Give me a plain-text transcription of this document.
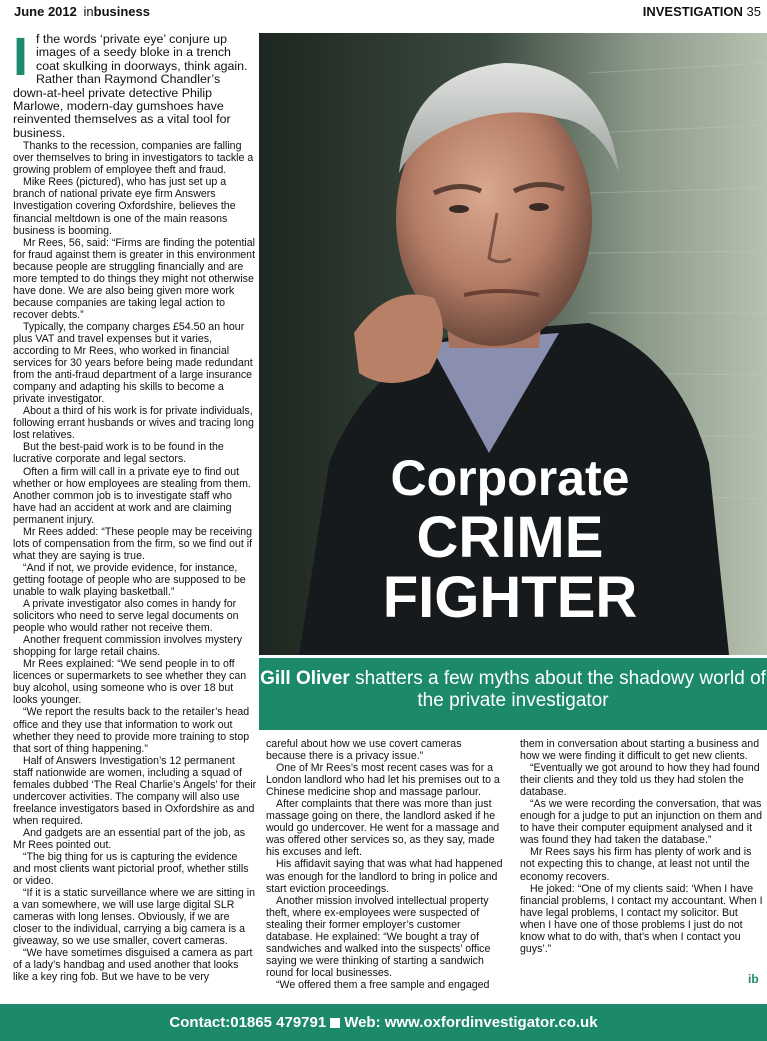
June 2012 inbusiness	INVESTIGATION 35
If the words ‘private eye’ conjure up images of a seedy bloke in a trench coat skulking in doorways, think again. Rather than Raymond Chandler’s down-at-heel private detective Philip Marlowe, modern-day gumshoes have reinvented themselves as a vital tool for business.

Thanks to the recession, companies are falling over themselves to bring in investigators to tackle a growing problem of employee theft and fraud.

Mike Rees (pictured), who has just set up a branch of national private eye firm Answers Investigation covering Oxfordshire, believes the financial meltdown is one of the main reasons business is booming.

Mr Rees, 56, said: “Firms are finding the potential for fraud against them is greater in this environment because people are struggling financially and are more tempted to do things they might not otherwise have done. We are also being given more work because companies are taking legal action to recover debts.”

Typically, the company charges £54.50 an hour plus VAT and travel expenses but it varies, according to Mr Rees, who worked in financial services for 30 years before being made redundant from the anti-fraud department of a large insurance company and adapting his skills to become a private investigator.

About a third of his work is for private individuals, following errant husbands or wives and tracing long lost relatives.

But the best-paid work is to be found in the lucrative corporate and legal sectors.

Often a firm will call in a private eye to find out whether or how employees are stealing from them. Another common job is to investigate staff who have had an accident at work and are claiming permanent injury.

Mr Rees added: “These people may be receiving lots of compensation from the firm, so we find out if what they are saying is true.

“And if not, we provide evidence, for instance, getting footage of people who are supposed to be unable to walk playing basketball.”

A private investigator also comes in handy for solicitors who need to serve legal documents on people who would rather not receive them.

Another frequent commission involves mystery shopping for large retail chains.

Mr Rees explained: “We send people in to off licences or supermarkets to see whether they can buy alcohol, using someone who is over 18 but looks younger.

“We report the results back to the retailer’s head office and they use that information to work out whether they need to provide more training to stop that sort of thing happening.”

Half of Answers Investigation’s 12 permanent staff nationwide are women, including a squad of females dubbed ‘The Real Charlie’s Angels’ for their undercover activities. The company will also use freelance investigators based in Oxfordshire as and when required.

And gadgets are an essential part of the job, as Mr Rees pointed out.

“The big thing for us is capturing the evidence and most clients want pictorial proof, whether stills or video.

“If it is a static surveillance where we are sitting in a van somewhere, we will use large digital SLR cameras with long lenses. Obviously, if we are closer to the individual, carrying a big camera is a giveaway, so we use smaller, covert cameras.

“We have sometimes disguised a camera as part of a lady’s handbag and used another that looks like a key ring fob. But we have to be very

Corporate
CRIME
FIGHTER
Gill Oliver shatters a few myths about the shadowy world of the private investigator

careful about how we use covert cameras because there is a privacy issue.”

One of Mr Rees’s most recent cases was for a London landlord who had let his premises out to a Chinese medicine shop and massage parlour.

After complaints that there was more than just massage going on there, the landlord asked if he would go undercover. He went for a massage and was offered other services so, as they say, made his excuses and left.

His affidavit saying that was what had happened was enough for the landlord to bring in police and start eviction proceedings.

Another mission involved intellectual property theft, where ex-employees were suspected of stealing their former employer’s customer database. He explained: “We bought a tray of sandwiches and walked into the suspects’ office saying we were thinking of starting a sandwich round for local businesses.

“We offered them a free sample and engaged

them in conversation about starting a business and how we were finding it difficult to get new clients.

“Eventually we got around to how they had found their clients and they told us they had stolen the database.

“As we were recording the conversation, that was enough for a judge to put an injunction on them and to have their computer equipment analysed and it was found they had taken the database.”

Mr Rees says his firm has plenty of work and is not expecting this to change, at least not until the economy recovers.

He joked: “One of my clients said: ‘When I have financial problems, I contact my accountant. When I have legal problems, I contact my solicitor. But when I have one of those problems I just do not know what to do with, that’s when I contact you guys’.”

ib
Contact:01865 479791 Web: www.oxfordinvestigator.co.uk
